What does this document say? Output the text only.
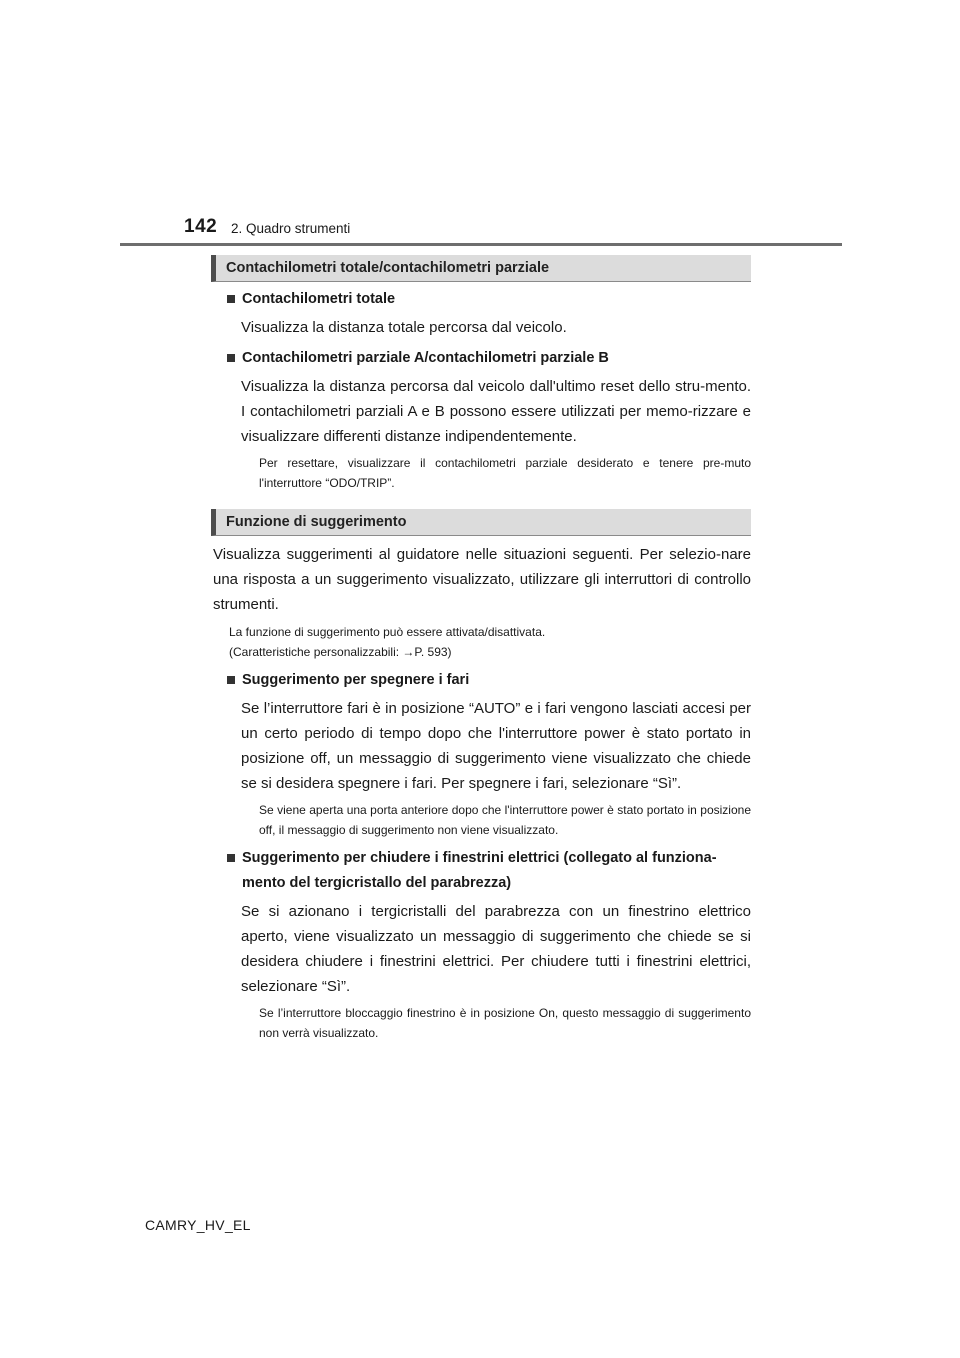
142 2. Quadro strumenti
Contachilometri totale/contachilometri parziale
Contachilometri totale
Visualizza la distanza totale percorsa dal veicolo.
Contachilometri parziale A/contachilometri parziale B
Visualizza la distanza percorsa dal veicolo dall'ultimo reset dello stru-mento. I contachilometri parziali A e B possono essere utilizzati per memo-rizzare e visualizzare differenti distanze indipendentemente.
Per resettare, visualizzare il contachilometri parziale desiderato e tenere pre-muto l'interruttore “ODO/TRIP”.
Funzione di suggerimento
Visualizza suggerimenti al guidatore nelle situazioni seguenti. Per selezio-nare una risposta a un suggerimento visualizzato, utilizzare gli interruttori di controllo strumenti.
La funzione di suggerimento può essere attivata/disattivata.
(Caratteristiche personalizzabili: →P. 593)
Suggerimento per spegnere i fari
Se l’interruttore fari è in posizione “AUTO” e i fari vengono lasciati accesi per un certo periodo di tempo dopo che l'interruttore power è stato portato in posizione off, un messaggio di suggerimento viene visualizzato che chiede se si desidera spegnere i fari. Per spegnere i fari, selezionare “Sì”.
Se viene aperta una porta anteriore dopo che l'interruttore power è stato portato in posizione off, il messaggio di suggerimento non viene visualizzato.
Suggerimento per chiudere i finestrini elettrici (collegato al funziona-mento del tergicristallo del parabrezza)
Se si azionano i tergicristalli del parabrezza con un finestrino elettrico aperto, viene visualizzato un messaggio di suggerimento che chiede se si desidera chiudere i finestrini elettrici. Per chiudere tutti i finestrini elettrici, selezionare “Sì”.
Se l’interruttore bloccaggio finestrino è in posizione On, questo messaggio di suggerimento non verrà visualizzato.
CAMRY_HV_EL
